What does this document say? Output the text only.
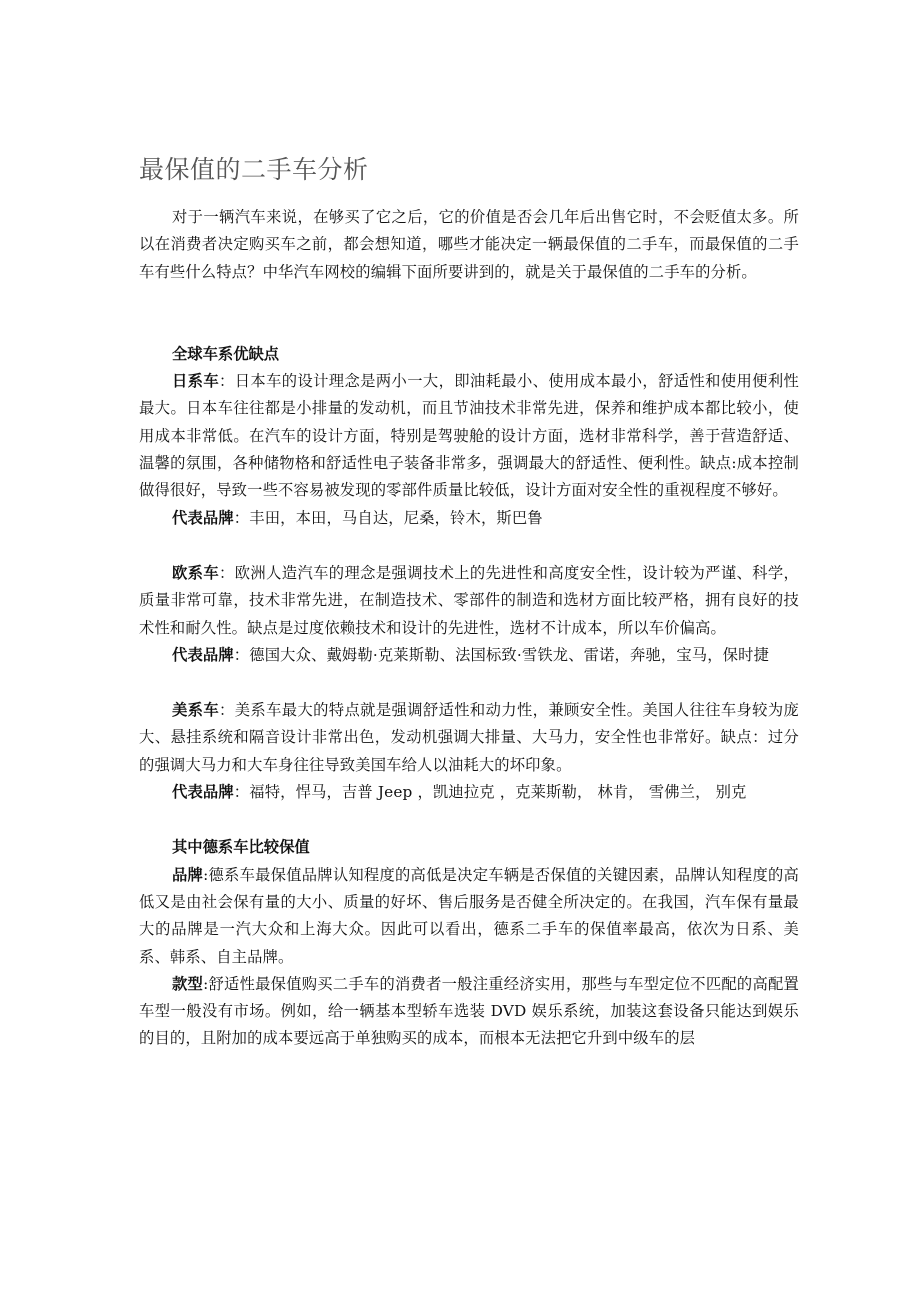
最保值的二手车分析

对于一辆汽车来说，在够买了它之后，它的价值是否会几年后出售它时，不会贬值太多。所以在消费者决定购买车之前，都会想知道，哪些才能决定一辆最保值的二手车，而最保值的二手车有些什么特点？中华汽车网校的编辑下面所要讲到的，就是关于最保值的二手车的分析。

全球车系优缺点

日系车：日本车的设计理念是两小一大，即油耗最小、使用成本最小，舒适性和使用便利性最大。日本车往往都是小排量的发动机，而且节油技术非常先进，保养和维护成本都比较小，使用成本非常低。在汽车的设计方面，特别是驾驶舱的设计方面，选材非常科学，善于营造舒适、温馨的氛围，各种储物格和舒适性电子装备非常多，强调最大的舒适性、便利性。缺点:成本控制做得很好，导致一些不容易被发现的零部件质量比较低，设计方面对安全性的重视程度不够好。

代表品牌：丰田，本田，马自达，尼桑，铃木，斯巴鲁

欧系车：欧洲人造汽车的理念是强调技术上的先进性和高度安全性，设计较为严谨、科学，质量非常可靠，技术非常先进，在制造技术、零部件的制造和选材方面比较严格，拥有良好的技术性和耐久性。缺点是过度依赖技术和设计的先进性，选材不计成本，所以车价偏高。

代表品牌：德国大众、戴姆勒·克莱斯勒、法国标致·雪铁龙、雷诺，奔驰，宝马，保时捷

美系车：美系车最大的特点就是强调舒适性和动力性，兼顾安全性。美国人往往车身较为庞大、悬挂系统和隔音设计非常出色，发动机强调大排量、大马力，安全性也非常好。缺点：过分的强调大马力和大车身往往导致美国车给人以油耗大的坏印象。

代表品牌：福特，悍马，吉普 Jeep ，凯迪拉克 ，克莱斯勒， 林肯， 雪佛兰， 别克

其中德系车比较保值

品牌:德系车最保值品牌认知程度的高低是决定车辆是否保值的关键因素，品牌认知程度的高低又是由社会保有量的大小、质量的好坏、售后服务是否健全所决定的。在我国，汽车保有量最大的品牌是一汽大众和上海大众。因此可以看出，德系二手车的保值率最高，依次为日系、美系、韩系、自主品牌。

款型:舒适性最保值购买二手车的消费者一般注重经济实用，那些与车型定位不匹配的高配置车型一般没有市场。例如，给一辆基本型轿车选装 DVD 娱乐系统，加装这套设备只能达到娱乐的目的，且附加的成本要远高于单独购买的成本，而根本无法把它升到中级车的层
